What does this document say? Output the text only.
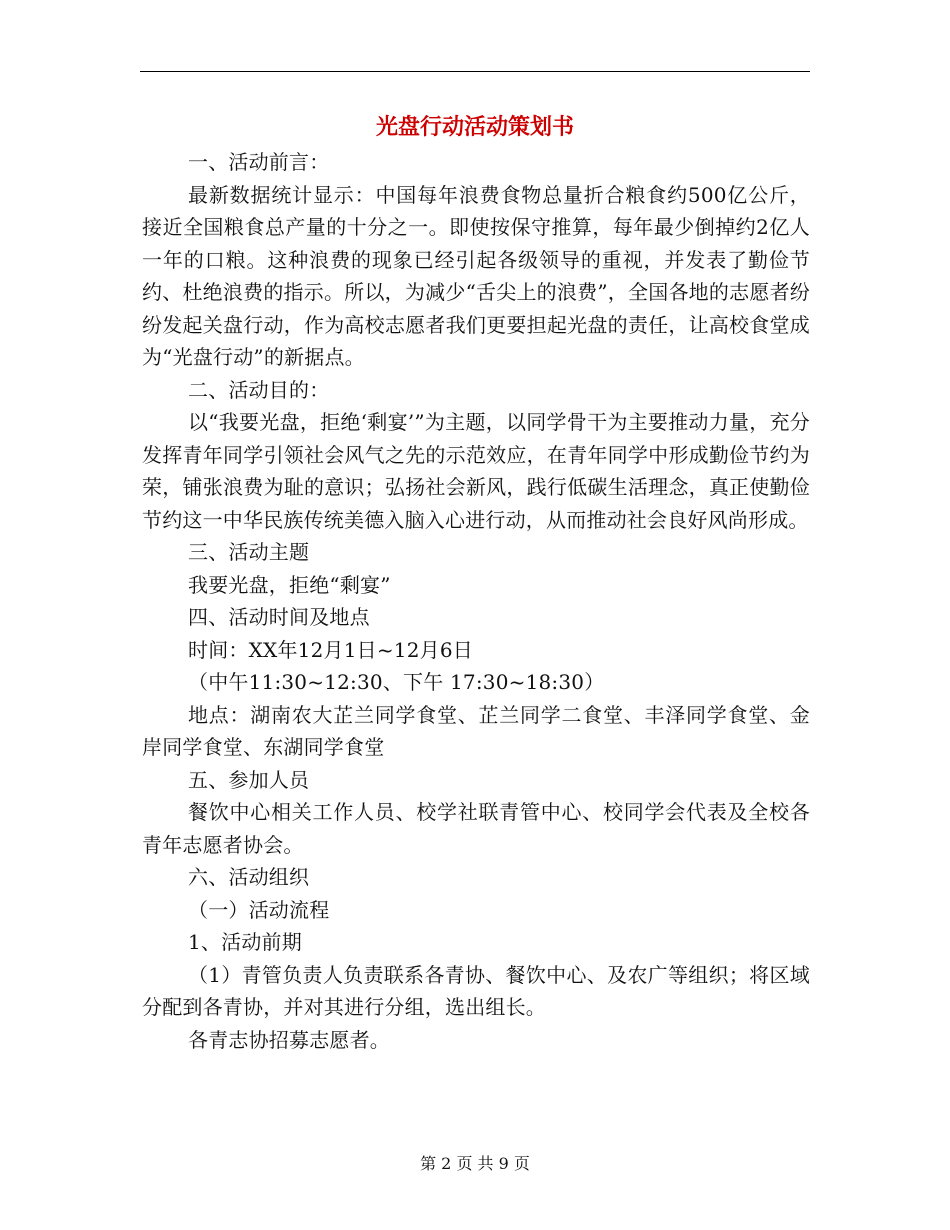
光盘行动活动策划书

一、活动前言：

最新数据统计显示：中国每年浪费食物总量折合粮食约500亿公斤，接近全国粮食总产量的十分之一。即使按保守推算，每年最少倒掉约2亿人一年的口粮。这种浪费的现象已经引起各级领导的重视，并发表了勤俭节约、杜绝浪费的指示。所以，为减少“舌尖上的浪费”，全国各地的志愿者纷纷发起关盘行动，作为高校志愿者我们更要担起光盘的责任，让高校食堂成为“光盘行动”的新据点。

二、活动目的：

以“我要光盘，拒绝‘剩宴’”为主题，以同学骨干为主要推动力量，充分发挥青年同学引领社会风气之先的示范效应，在青年同学中形成勤俭节约为荣，铺张浪费为耻的意识；弘扬社会新风，践行低碳生活理念，真正使勤俭节约这一中华民族传统美德入脑入心进行动，从而推动社会良好风尚形成。

三、活动主题

我要光盘，拒绝“剩宴”

四、活动时间及地点

时间：XX年12月1日~12月6日

（中午11:30~12:30、下午 17:30~18:30）

地点：湖南农大芷兰同学食堂、芷兰同学二食堂、丰泽同学食堂、金岸同学食堂、东湖同学食堂

五、参加人员

餐饮中心相关工作人员、校学社联青管中心、校同学会代表及全校各青年志愿者协会。

六、活动组织

（一）活动流程

1、活动前期

（1）青管负责人负责联系各青协、餐饮中心、及农广等组织；将区域分配到各青协，并对其进行分组，选出组长。

各青志协招募志愿者。

第 2 页 共 9 页
